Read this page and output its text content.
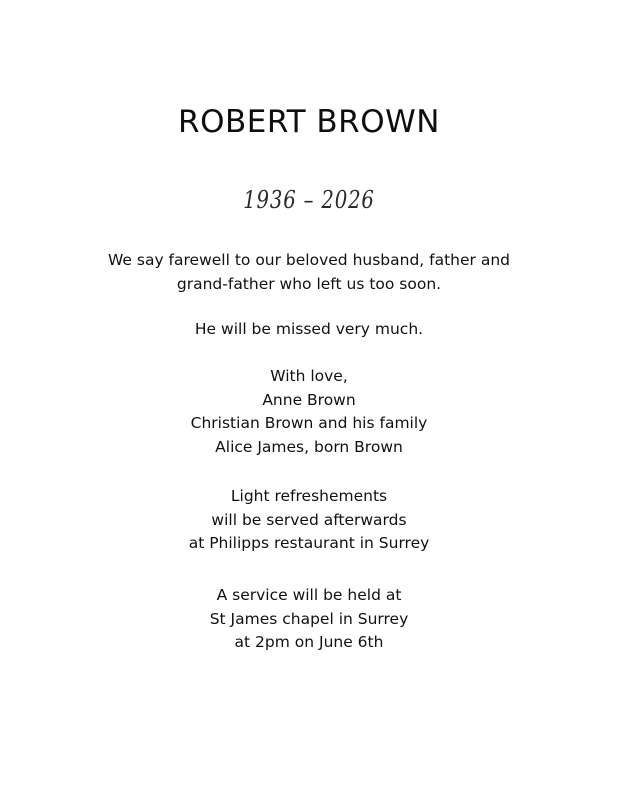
ROBERT BROWN
1936 – 2026
We say farewell to our beloved husband, father and
grand-father who left us too soon.
He will be missed very much.
With love,
Anne Brown
Christian Brown and his family
Alice James, born Brown
Light refreshements
will be served afterwards
at Philipps restaurant in Surrey
A service will be held at
St James chapel in Surrey
at 2pm on June 6th
